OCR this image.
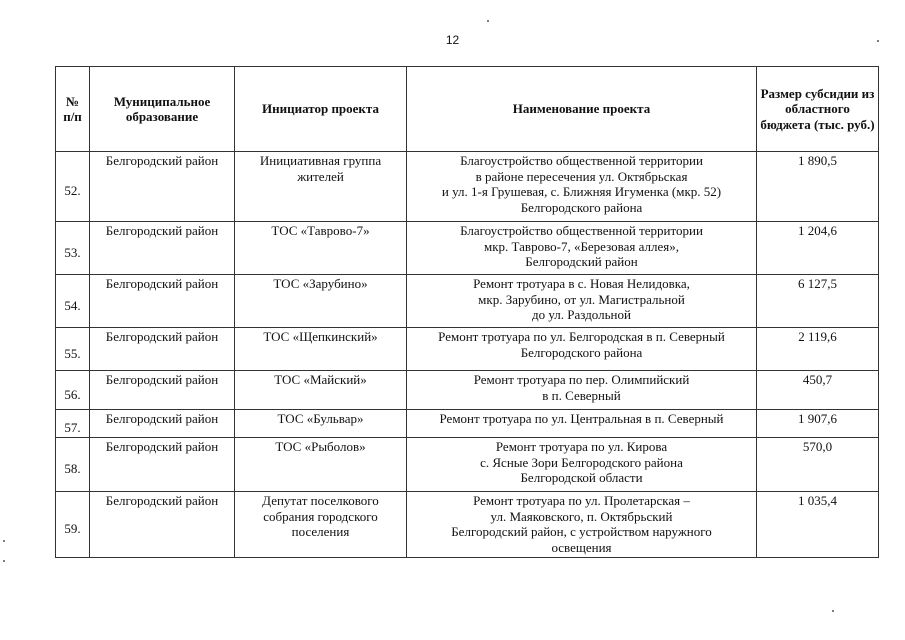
12
№ п/п	Муниципальное образование	Инициатор проекта	Наименование проекта	Размер субсидии из областного бюджета (тыс. руб.)
52.	Белгородский район	Инициативная группа жителей	Благоустройство общественной территории
в районе пересечения ул. Октябрьская
и ул. 1-я Грушевая, с. Ближняя Игуменка (мкр. 52)
Белгородского района	1 890,5
53.	Белгородский район	ТОС «Таврово-7»	Благоустройство общественной территории
мкр. Таврово-7, «Березовая аллея»,
Белгородский район	1 204,6
54.	Белгородский район	ТОС «Зарубино»	Ремонт тротуара в с. Новая Нелидовка,
мкр. Зарубино, от ул. Магистральной
до ул. Раздольной	6 127,5
55.	Белгородский район	ТОС «Щепкинский»	Ремонт тротуара по ул. Белгородская в п. Северный
Белгородского района	2 119,6
56.	Белгородский район	ТОС «Майский»	Ремонт тротуара по пер. Олимпийский
в п. Северный	450,7
57.	Белгородский район	ТОС «Бульвар»	Ремонт тротуара по ул. Центральная в п. Северный	1 907,6
58.	Белгородский район	ТОС «Рыболов»	Ремонт тротуара по ул. Кирова
с. Ясные Зори Белгородского района
Белгородской области	570,0
59.	Белгородский район	Депутат поселкового собрания городского поселения	Ремонт тротуара по ул. Пролетарская –
ул. Маяковского, п. Октябрьский
Белгородский район, с устройством наружного
освещения	1 035,4
